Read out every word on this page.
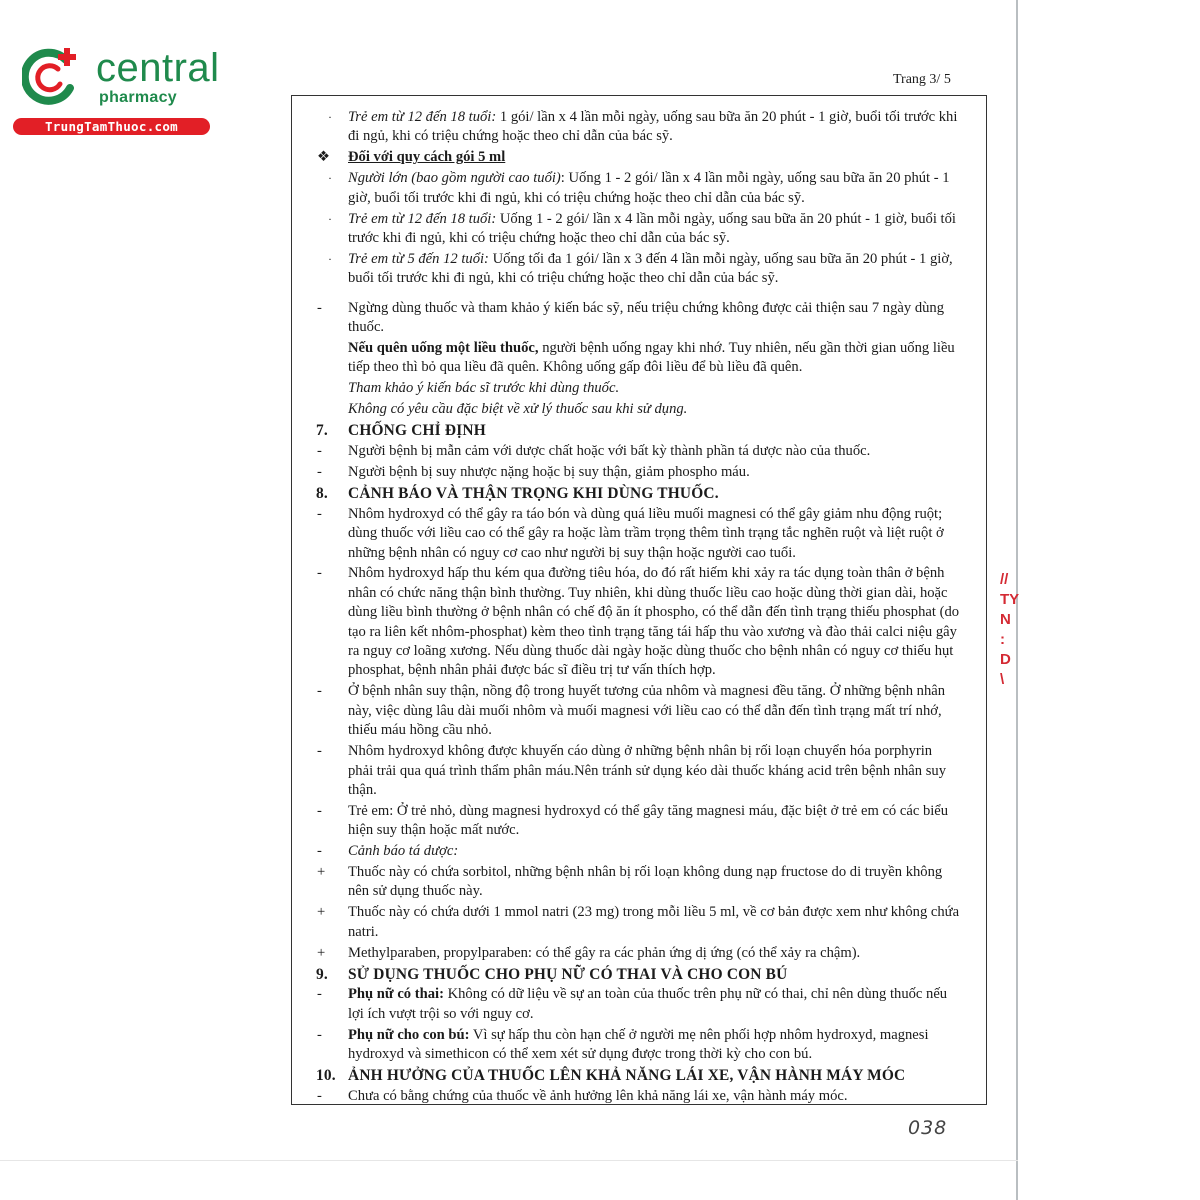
central
pharmacy
TrungTamThuoc.com
Trang 3/ 5
·	Trẻ em từ 12 đến 18 tuổi: 1 gói/ lần x 4 lần mỗi ngày, uống sau bữa ăn 20 phút - 1 giờ, buổi tối trước khi đi ngủ, khi có triệu chứng hoặc theo chỉ dẫn của bác sỹ.
❖	Đối với quy cách gói 5 ml
·	Người lớn (bao gồm người cao tuổi): Uống 1 - 2 gói/ lần x 4 lần mỗi ngày, uống sau bữa ăn 20 phút - 1 giờ, buổi tối trước khi đi ngủ, khi có triệu chứng hoặc theo chỉ dẫn của bác sỹ.
·	Trẻ em từ 12 đến 18 tuổi: Uống 1 - 2 gói/ lần x 4 lần mỗi ngày, uống sau bữa ăn 20 phút - 1 giờ, buổi tối trước khi đi ngủ, khi có triệu chứng hoặc theo chỉ dẫn của bác sỹ.
·	Trẻ em từ 5 đến 12 tuổi: Uống tối đa 1 gói/ lần x 3 đến 4 lần mỗi ngày, uống sau bữa ăn 20 phút - 1 giờ, buổi tối trước khi đi ngủ, khi có triệu chứng hoặc theo chỉ dẫn của bác sỹ.
-	Ngừng dùng thuốc và tham khảo ý kiến bác sỹ, nếu triệu chứng không được cải thiện sau 7 ngày dùng thuốc.
Nếu quên uống một liều thuốc, người bệnh uống ngay khi nhớ. Tuy nhiên, nếu gần thời gian uống liều tiếp theo thì bỏ qua liều đã quên. Không uống gấp đôi liều để bù liều đã quên.
Tham khảo ý kiến bác sĩ trước khi dùng thuốc.
Không có yêu cầu đặc biệt về xử lý thuốc sau khi sử dụng.
7.	CHỐNG CHỈ ĐỊNH
-	Người bệnh bị mẫn cảm với dược chất hoặc với bất kỳ thành phần tá dược nào của thuốc.
-	Người bệnh bị suy nhược nặng hoặc bị suy thận, giảm phospho máu.
8.	CẢNH BÁO VÀ THẬN TRỌNG KHI DÙNG THUỐC.
-	Nhôm hydroxyd có thể gây ra táo bón và dùng quá liều muối magnesi có thể gây giảm nhu động ruột; dùng thuốc với liều cao có thể gây ra hoặc làm trầm trọng thêm tình trạng tắc nghẽn ruột và liệt ruột ở những bệnh nhân có nguy cơ cao như người bị suy thận hoặc người cao tuổi.
-	Nhôm hydroxyd hấp thu kém qua đường tiêu hóa, do đó rất hiếm khi xảy ra tác dụng toàn thân ở bệnh nhân có chức năng thận bình thường. Tuy nhiên, khi dùng thuốc liều cao hoặc dùng thời gian dài, hoặc dùng liều bình thường ở bệnh nhân có chế độ ăn ít phospho, có thể dẫn đến tình trạng thiếu phosphat (do tạo ra liên kết nhôm-phosphat) kèm theo tình trạng tăng tái hấp thu vào xương và đào thải calci niệu gây ra nguy cơ loãng xương. Nếu dùng thuốc dài ngày hoặc dùng thuốc cho bệnh nhân có nguy cơ thiếu hụt phosphat, bệnh nhân phải được bác sĩ điều trị tư vấn thích hợp.
-	Ở bệnh nhân suy thận, nồng độ trong huyết tương của nhôm và magnesi đều tăng. Ở những bệnh nhân này, việc dùng lâu dài muối nhôm và muối magnesi với liều cao có thể dẫn đến tình trạng mất trí nhớ, thiếu máu hồng cầu nhỏ.
-	Nhôm hydroxyd không được khuyến cáo dùng ở những bệnh nhân bị rối loạn chuyển hóa porphyrin phải trải qua quá trình thẩm phân máu.Nên tránh sử dụng kéo dài thuốc kháng acid trên bệnh nhân suy thận.
-	Trẻ em: Ở trẻ nhỏ, dùng magnesi hydroxyd có thể gây tăng magnesi máu, đặc biệt ở trẻ em có các biểu hiện suy thận hoặc mất nước.
-	Cảnh báo tá dược:
+	Thuốc này có chứa sorbitol, những bệnh nhân bị rối loạn không dung nạp fructose do di truyền không nên sử dụng thuốc này.
+	Thuốc này có chứa dưới 1 mmol natri (23 mg) trong mỗi liều 5 ml, về cơ bản được xem như không chứa natri.
+	Methylparaben, propylparaben: có thể gây ra các phản ứng dị ứng (có thể xảy ra chậm).
9.	SỬ DỤNG THUỐC CHO PHỤ NỮ CÓ THAI VÀ CHO CON BÚ
-	Phụ nữ có thai: Không có dữ liệu về sự an toàn của thuốc trên phụ nữ có thai, chỉ nên dùng thuốc nếu lợi ích vượt trội so với nguy cơ.
-	Phụ nữ cho con bú: Vì sự hấp thu còn hạn chế ở người mẹ nên phối hợp nhôm hydroxyd, magnesi hydroxyd và simethicon có thể xem xét sử dụng được trong thời kỳ cho con bú.
10. ẢNH HƯỞNG CỦA THUỐC LÊN KHẢ NĂNG LÁI XE, VẬN HÀNH MÁY MÓC
-	Chưa có bằng chứng của thuốc về ảnh hưởng lên khả năng lái xe, vận hành máy móc.
//
TY
N
:
D
\
038
